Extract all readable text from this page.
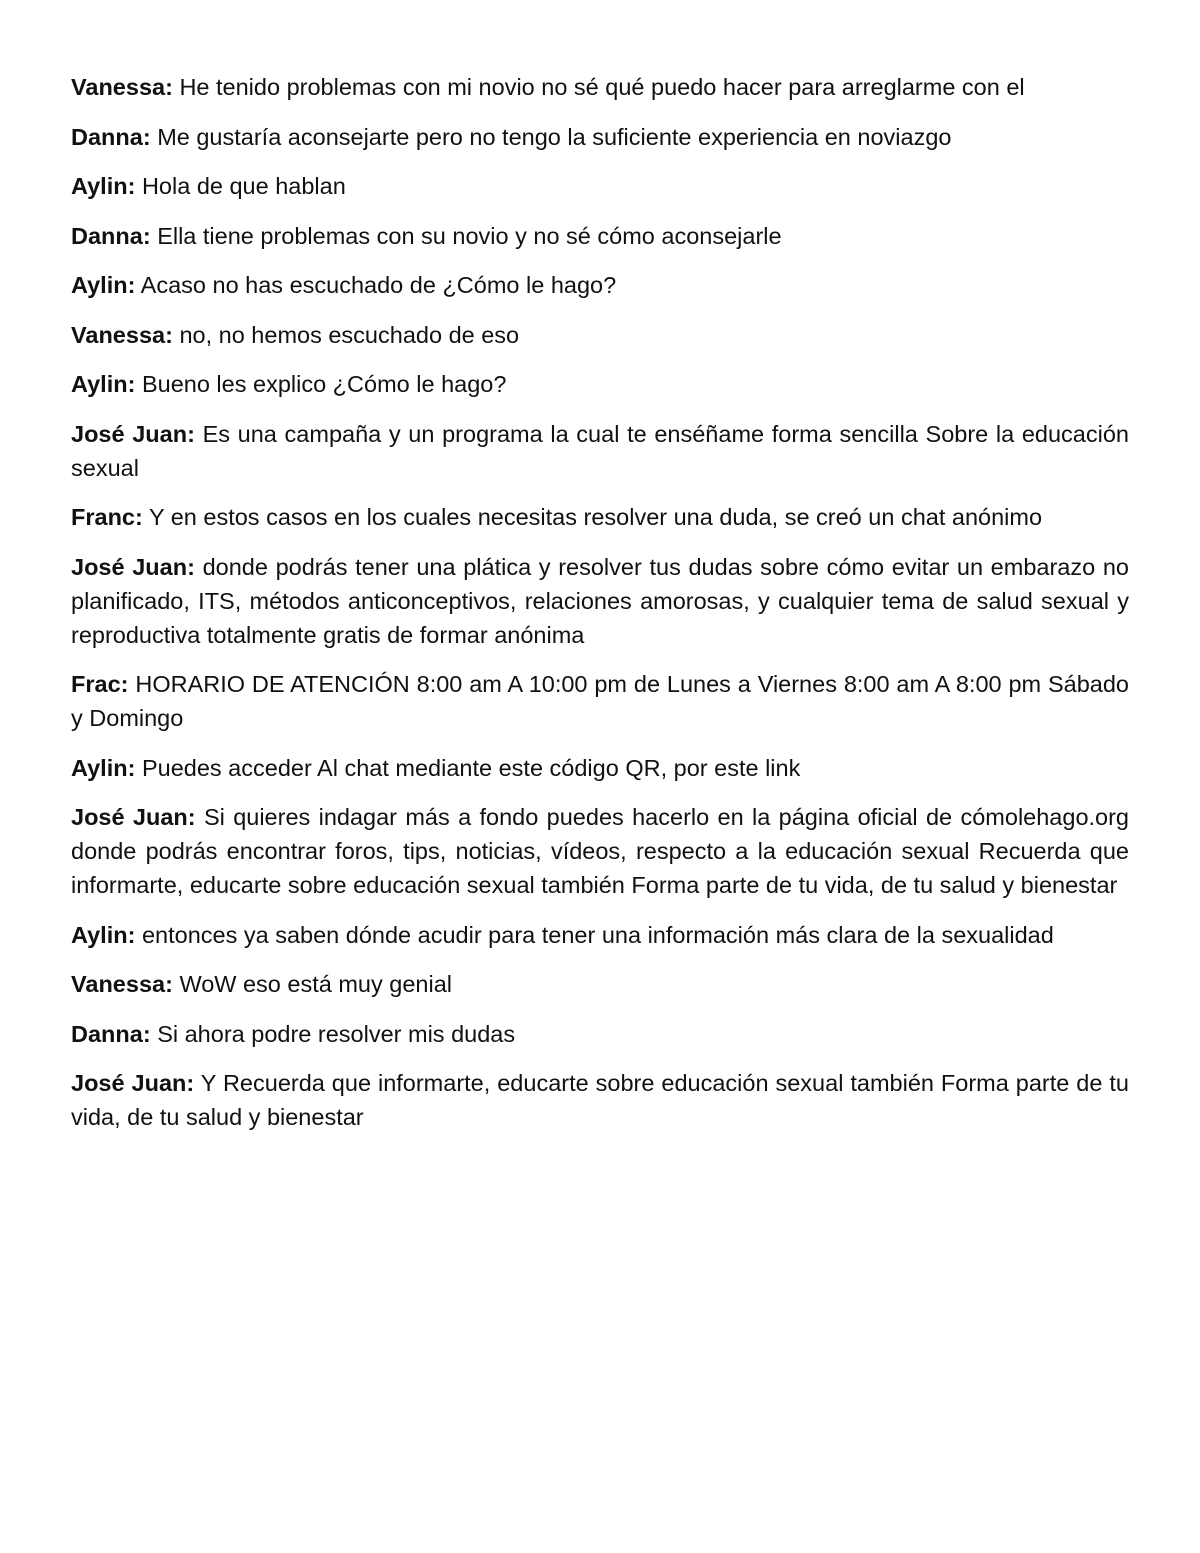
Vanessa: He tenido problemas con mi novio no sé qué puedo hacer para arreglarme con el

Danna: Me gustaría aconsejarte pero no tengo la suficiente experiencia en noviazgo

Aylin: Hola de que hablan

Danna: Ella tiene problemas con su novio y no sé cómo aconsejarle

Aylin: Acaso no has escuchado de ¿Cómo le hago?

Vanessa: no, no hemos escuchado de eso

Aylin: Bueno les explico ¿Cómo le hago?

José Juan: Es una campaña y un programa la cual te enséñame forma sencilla Sobre la educación sexual

Franc: Y en estos casos en los cuales necesitas resolver una duda, se creó un chat anónimo

José Juan: donde podrás tener una plática y resolver tus dudas sobre cómo evitar un embarazo no planificado, ITS, métodos anticonceptivos, relaciones amorosas, y cualquier tema de salud sexual y reproductiva totalmente gratis de formar anónima

Frac: HORARIO DE ATENCIÓN 8:00 am A 10:00 pm de Lunes a Viernes 8:00 am A 8:00 pm Sábado y Domingo

Aylin: Puedes acceder Al chat mediante este código QR, por este link

José Juan: Si quieres indagar más a fondo puedes hacerlo en la página oficial de cómolehago.org donde podrás encontrar foros, tips, noticias, vídeos, respecto a la educación sexual Recuerda que informarte, educarte sobre educación sexual también Forma parte de tu vida, de tu salud y bienestar

Aylin: entonces ya saben dónde acudir para tener una información más clara de la sexualidad

Vanessa: WoW eso está muy genial

Danna: Si ahora podre resolver mis dudas

José Juan: Y Recuerda que informarte, educarte sobre educación sexual también Forma parte de tu vida, de tu salud y bienestar
